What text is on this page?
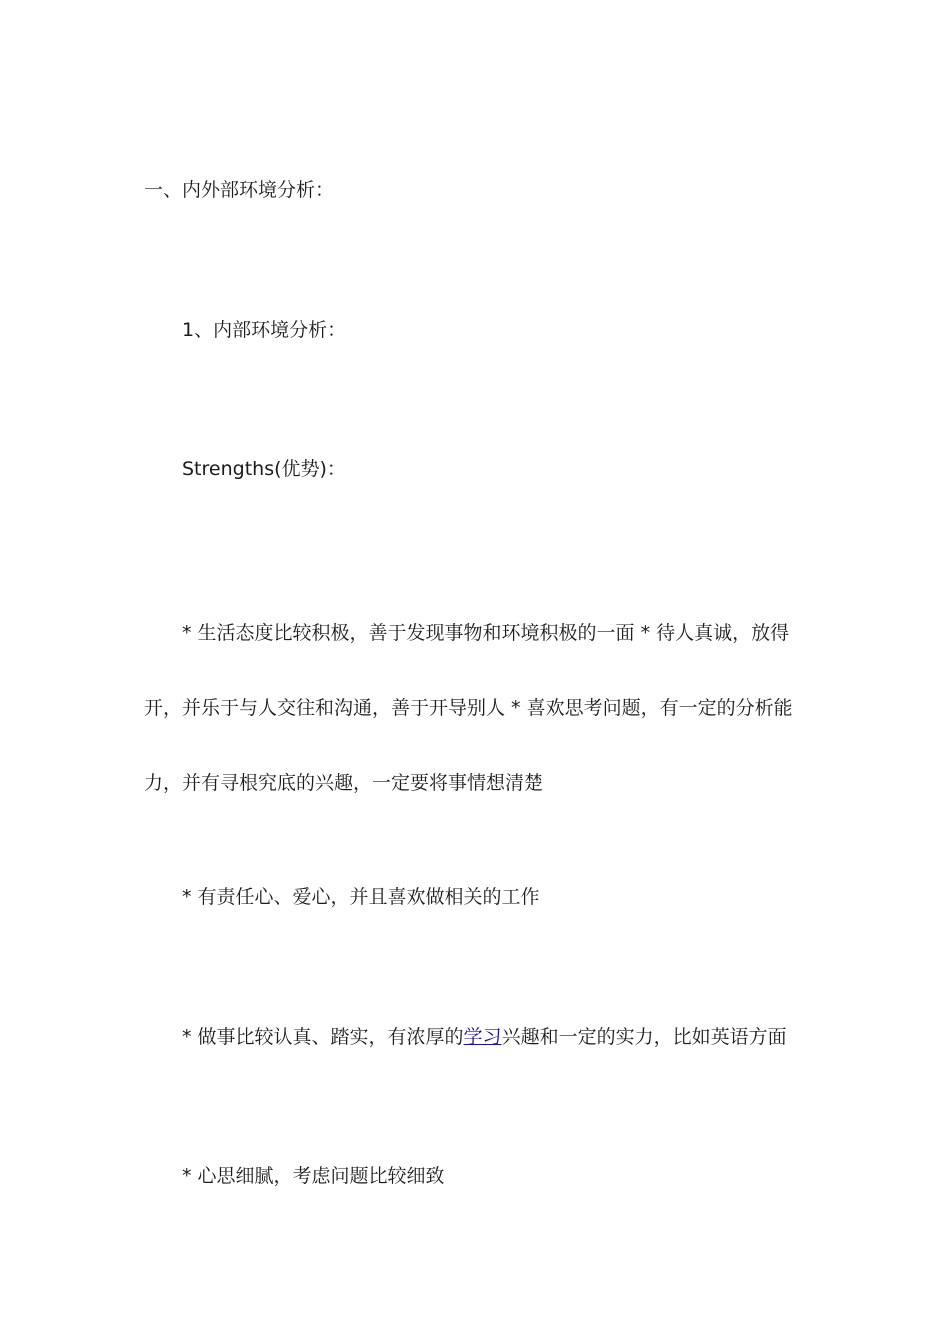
一、内外部环境分析：
1、内部环境分析：
Strengths(优势)：
* 生活态度比较积极，善于发现事物和环境积极的一面 * 待人真诚，放得开，并乐于与人交往和沟通，善于开导别人 * 喜欢思考问题，有一定的分析能力，并有寻根究底的兴趣，一定要将事情想清楚
* 有责任心、爱心，并且喜欢做相关的工作
* 做事比较认真、踏实，有浓厚的学习兴趣和一定的实力，比如英语方面
* 心思细腻，考虑问题比较细致
